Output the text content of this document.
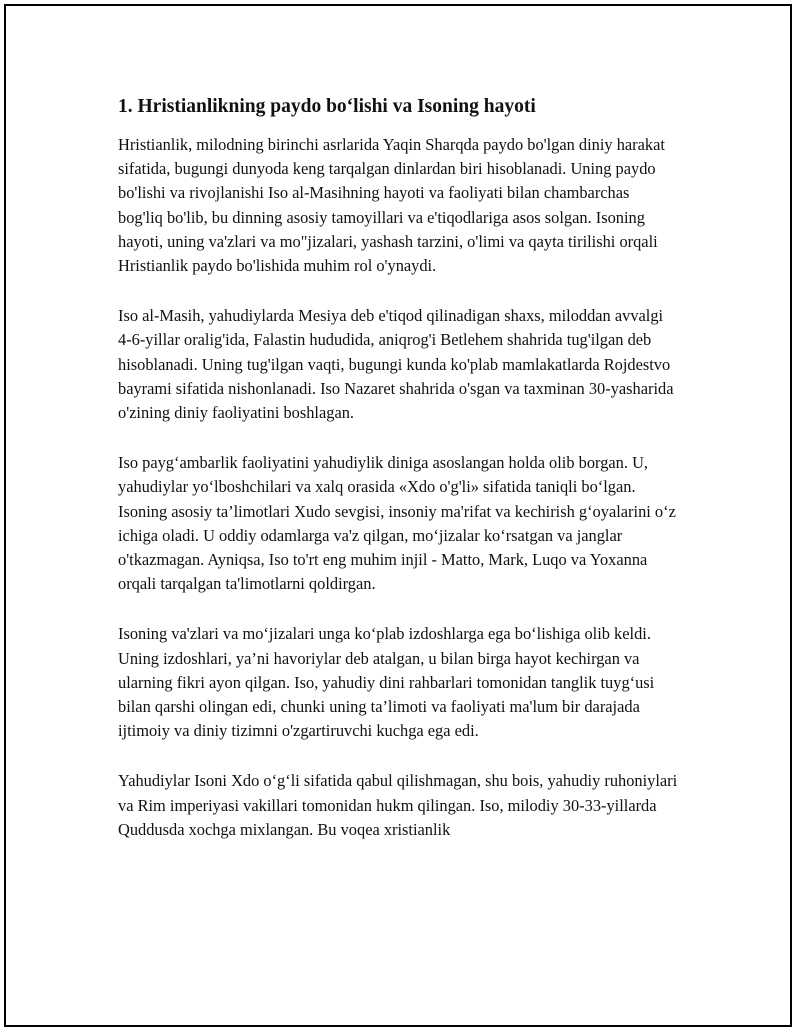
1. Hristianlikning paydo boʻlishi va Isoning hayoti

Hristianlik, milodning birinchi asrlarida Yaqin Sharqda paydo bo'lgan diniy harakat sifatida, bugungi dunyoda keng tarqalgan dinlardan biri hisoblanadi. Uning paydo bo'lishi va rivojlanishi Iso al-Masihning hayoti va faoliyati bilan chambarchas bog'liq bo'lib, bu dinning asosiy tamoyillari va e'tiqodlariga asos solgan. Isoning hayoti, uning va'zlari va mo"jizalari, yashash tarzini, o'limi va qayta tirilishi orqali Hristianlik paydo bo'lishida muhim rol o'ynaydi.

Iso al-Masih, yahudiylarda Mesiya deb e'tiqod qilinadigan shaxs, miloddan avvalgi 4-6-yillar oralig'ida, Falastin hududida, aniqrog'i Betlehem shahrida tug'ilgan deb hisoblanadi. Uning tug'ilgan vaqti, bugungi kunda ko'plab mamlakatlarda Rojdestvo bayrami sifatida nishonlanadi. Iso Nazaret shahrida o'sgan va taxminan 30-yasharida o'zining diniy faoliyatini boshlagan.

Iso paygʻambarlik faoliyatini yahudiylik diniga asoslangan holda olib borgan. U, yahudiylar yoʻlboshchilari va xalq orasida «Xdo o'g'li» sifatida taniqli boʻlgan. Isoning asosiy ta’limotlari Xudo sevgisi, insoniy ma'rifat va kechirish gʻoyalarini oʻz ichiga oladi. U oddiy odamlarga va'z qilgan, moʻjizalar koʻrsatgan va janglar o'tkazmagan. Ayniqsa, Iso to'rt eng muhim injil - Matto, Mark, Luqo va Yoxanna orqali tarqalgan ta'limotlarni qoldirgan.

Isoning va'zlari va moʻjizalari unga koʻplab izdoshlarga ega boʻlishiga olib keldi. Uning izdoshlari, ya’ni havoriylar deb atalgan, u bilan birga hayot kechirgan va ularning fikri ayon qilgan. Iso, yahudiy dini rahbarlari tomonidan tanglik tuygʻusi bilan qarshi olingan edi, chunki uning ta’limoti va faoliyati ma'lum bir darajada ijtimoiy va diniy tizimni o'zgartiruvchi kuchga ega edi.

Yahudiylar Isoni Xdo oʻgʻli sifatida qabul qilishmagan, shu bois, yahudiy ruhoniylari va Rim imperiyasi vakillari tomonidan hukm qilingan. Iso, milodiy 30-33-yillarda Quddusda xochga mixlangan. Bu voqea xristianlik
